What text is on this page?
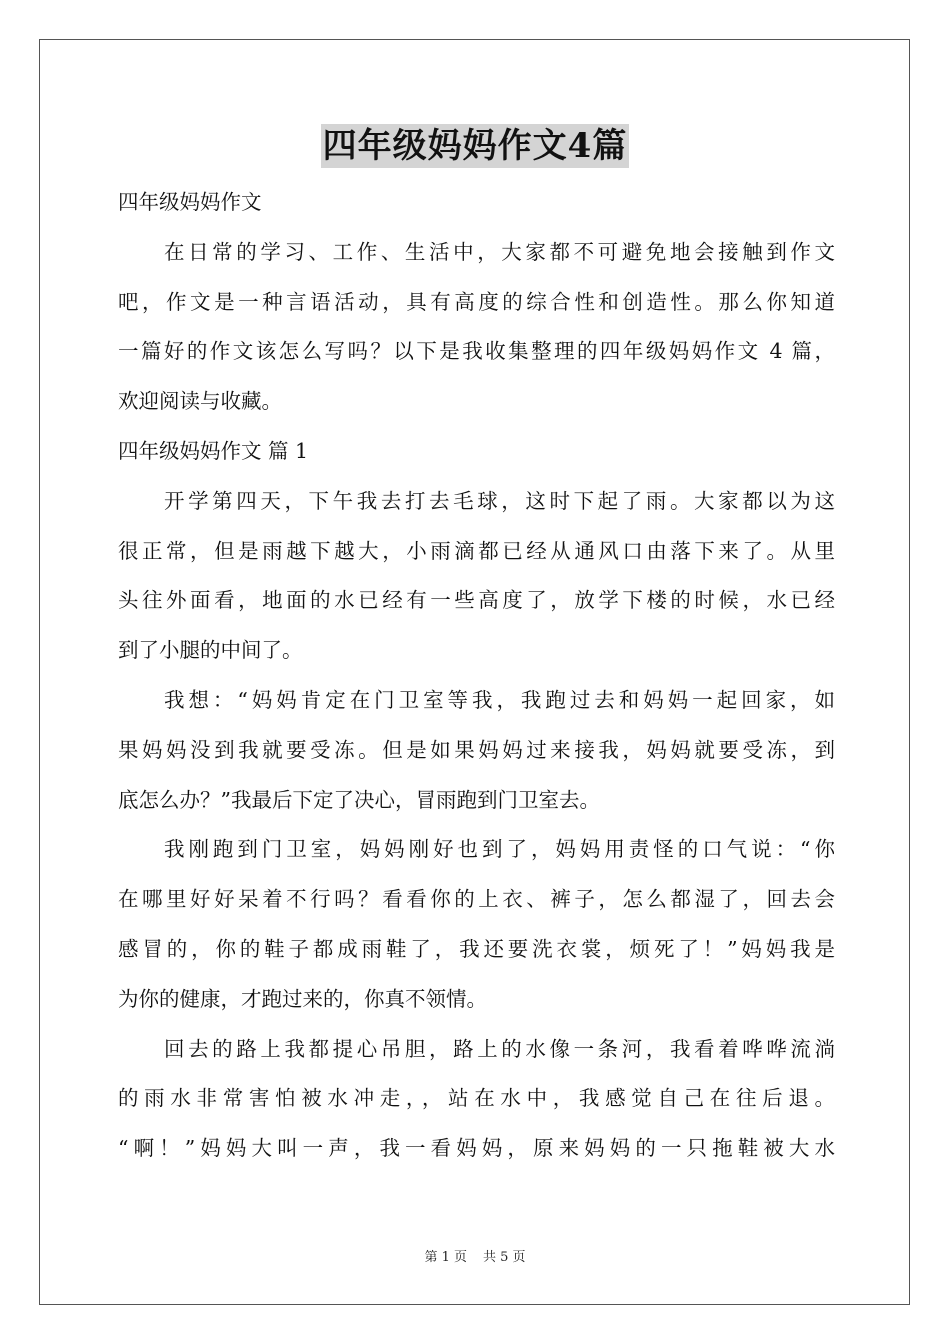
四年级妈妈作文4篇
四年级妈妈作文
在日常的学习、工作、生活中，大家都不可避免地会接触到作文
吧，作文是一种言语活动，具有高度的综合性和创造性。那么你知道
一篇好的作文该怎么写吗？以下是我收集整理的四年级妈妈作文 4 篇，
欢迎阅读与收藏。
四年级妈妈作文 篇 1
开学第四天，下午我去打去毛球，这时下起了雨。大家都以为这
很正常，但是雨越下越大，小雨滴都已经从通风口由落下来了。从里
头往外面看，地面的水已经有一些高度了，放学下楼的时候，水已经
到了小腿的中间了。
我想：“妈妈肯定在门卫室等我，我跑过去和妈妈一起回家，如
果妈妈没到我就要受冻。但是如果妈妈过来接我，妈妈就要受冻，到
底怎么办？”我最后下定了决心，冒雨跑到门卫室去。
我刚跑到门卫室，妈妈刚好也到了，妈妈用责怪的口气说：“你
在哪里好好呆着不行吗？看看你的上衣、裤子，怎么都湿了，回去会
感冒的，你的鞋子都成雨鞋了，我还要洗衣裳，烦死了！”妈妈我是
为你的健康，才跑过来的，你真不领情。
回去的路上我都提心吊胆，路上的水像一条河，我看着哗哗流淌
的雨水非常害怕被水冲走，，站在水中，我感觉自己在往后退。
“啊！”妈妈大叫一声，我一看妈妈，原来妈妈的一只拖鞋被大水
第 1 页 共 5 页
